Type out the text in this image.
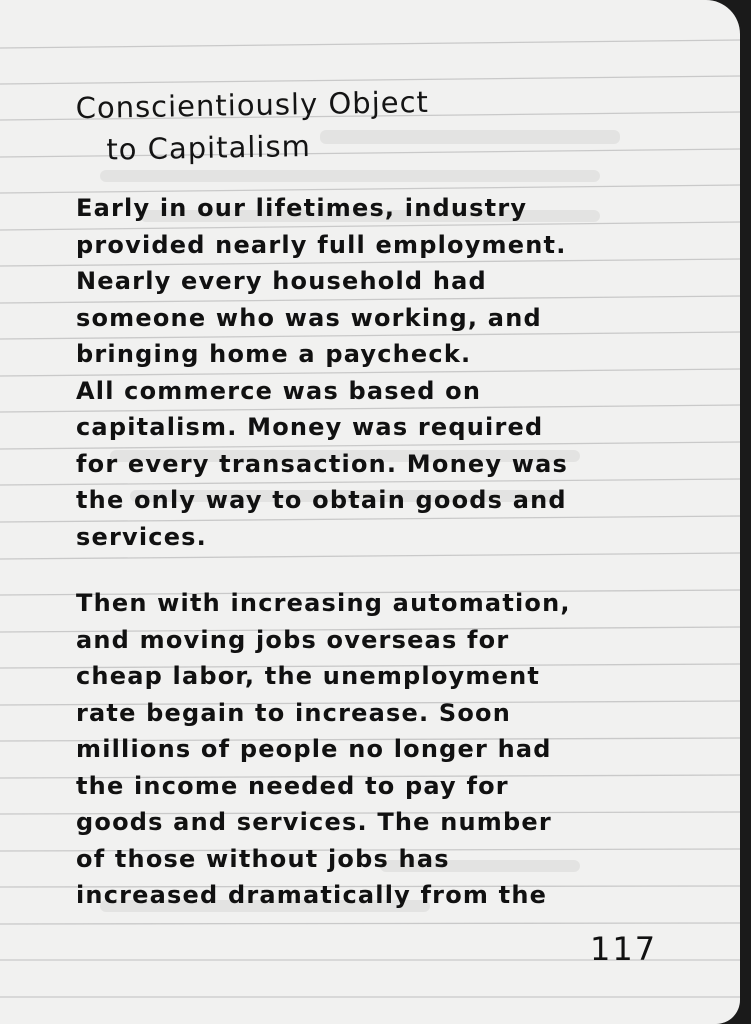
Conscientiously Object
to Capitalism
Early in our lifetimes, industry
provided nearly full employment.
Nearly every household had
someone who was working, and
bringing home a paycheck.
All commerce was based on
capitalism. Money was required
for every transaction. Money was
the only way to obtain goods and
services.
Then with increasing automation,
and moving jobs overseas for
cheap labor, the unemployment
rate begain to increase. Soon
millions of people no longer had
the income needed to pay for
goods and services. The number
of those without jobs has
increased dramatically from the
117
